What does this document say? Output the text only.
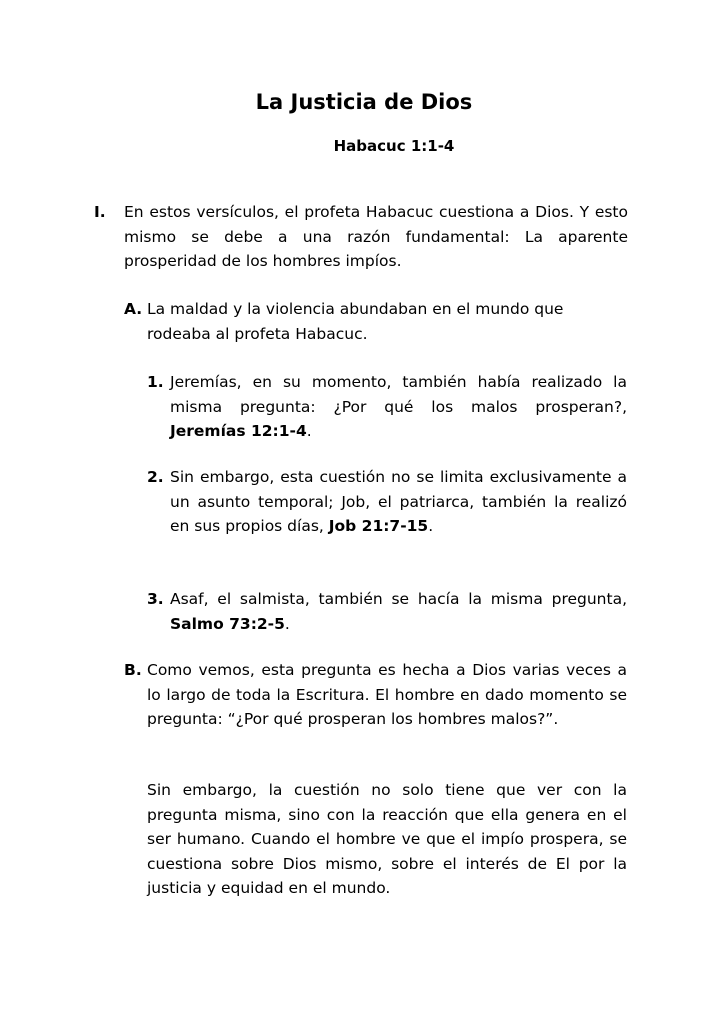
La Justicia de Dios
Habacuc 1:1-4
I. En estos versículos, el profeta Habacuc cuestiona a Dios. Y esto mismo se debe a una razón fundamental: La aparente prosperidad de los hombres impíos.
A. La maldad y la violencia abundaban en el mundo que rodeaba al profeta Habacuc.
1. Jeremías, en su momento, también había realizado la misma pregunta: ¿Por qué los malos prosperan?, Jeremías 12:1-4.
2. Sin embargo, esta cuestión no se limita exclusivamente a un asunto temporal; Job, el patriarca, también la realizó en sus propios días, Job 21:7-15.
3. Asaf, el salmista, también se hacía la misma pregunta, Salmo 73:2-5.
B. Como vemos, esta pregunta es hecha a Dios varias veces a lo largo de toda la Escritura. El hombre en dado momento se pregunta: “¿Por qué prosperan los hombres malos?”.
Sin embargo, la cuestión no solo tiene que ver con la pregunta misma, sino con la reacción que ella genera en el ser humano. Cuando el hombre ve que el impío prospera, se cuestiona sobre Dios mismo, sobre el interés de El por la justicia y equidad en el mundo.
